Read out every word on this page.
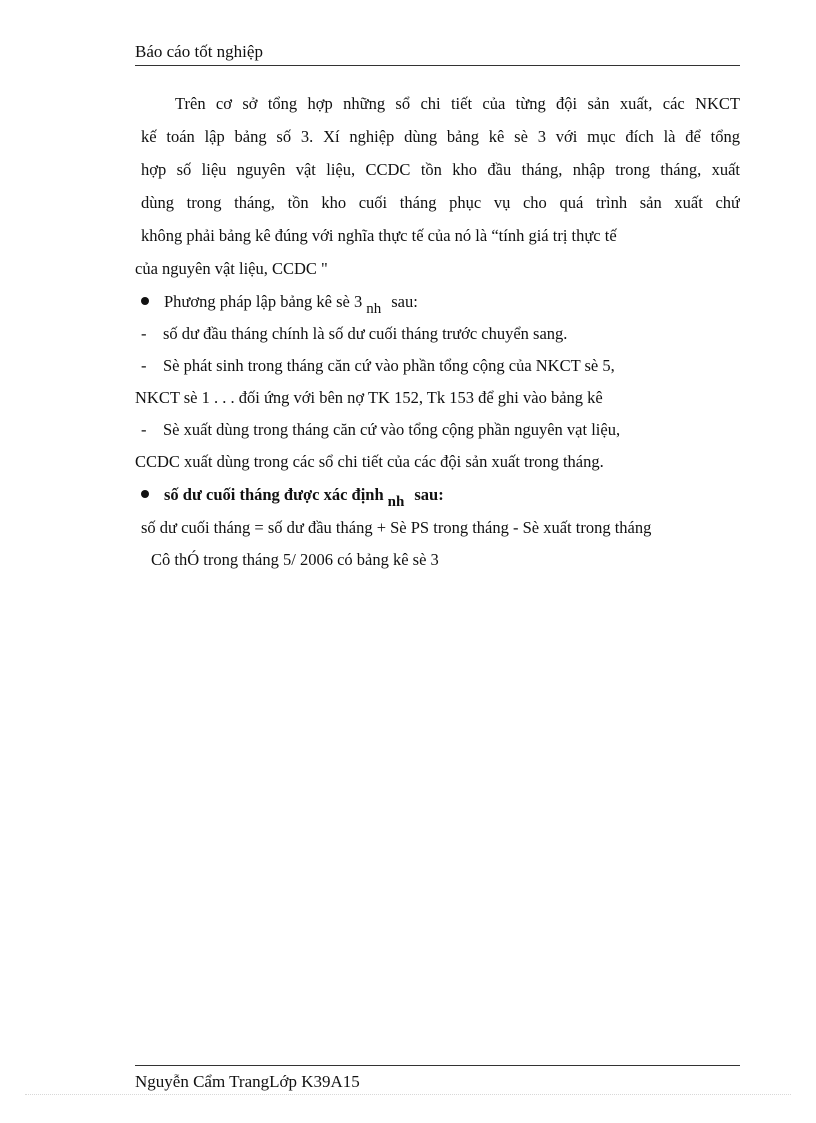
Báo cáo tốt nghiệp
Trên cơ sở tổng hợp những sổ chi tiết của từng đội sản xuất, các NKCT
kế toán lập bảng số 3. Xí nghiệp dùng bảng kê sè 3 với mục đích là để tổng
hợp số liệu nguyên vật liệu, CCDC tồn kho đầu tháng, nhập trong tháng, xuất
dùng trong tháng, tồn kho cuối tháng phục vụ cho quá trình sản xuất chứ
không phải bảng kê đúng với nghĩa thực tế của nó là “tính giá trị thực tế
của nguyên vật liệu, CCDC "
Phương pháp lập bảng kê sè 3 nh sau:
- số dư đầu tháng chính là số dư cuối tháng trước chuyển sang.
- Sè phát sinh trong tháng căn cứ vào phần tổng cộng của NKCT sè 5,
NKCT sè 1 . . . đối ứng với bên nợ TK 152, Tk 153 để ghi vào bảng kê
- Sè xuất dùng trong tháng căn cứ vào tổng cộng phần nguyên vạt liệu,
CCDC xuất dùng trong các sổ chi tiết của các đội sản xuất trong tháng.
số dư cuối tháng được xác định nh sau:
số dư cuối tháng = số dư đầu tháng + Sè PS trong tháng - Sè xuất trong tháng
Cô thÓ trong tháng 5/ 2006 có bảng kê sè 3
Nguyễn Cẩm TrangLớp K39A15
